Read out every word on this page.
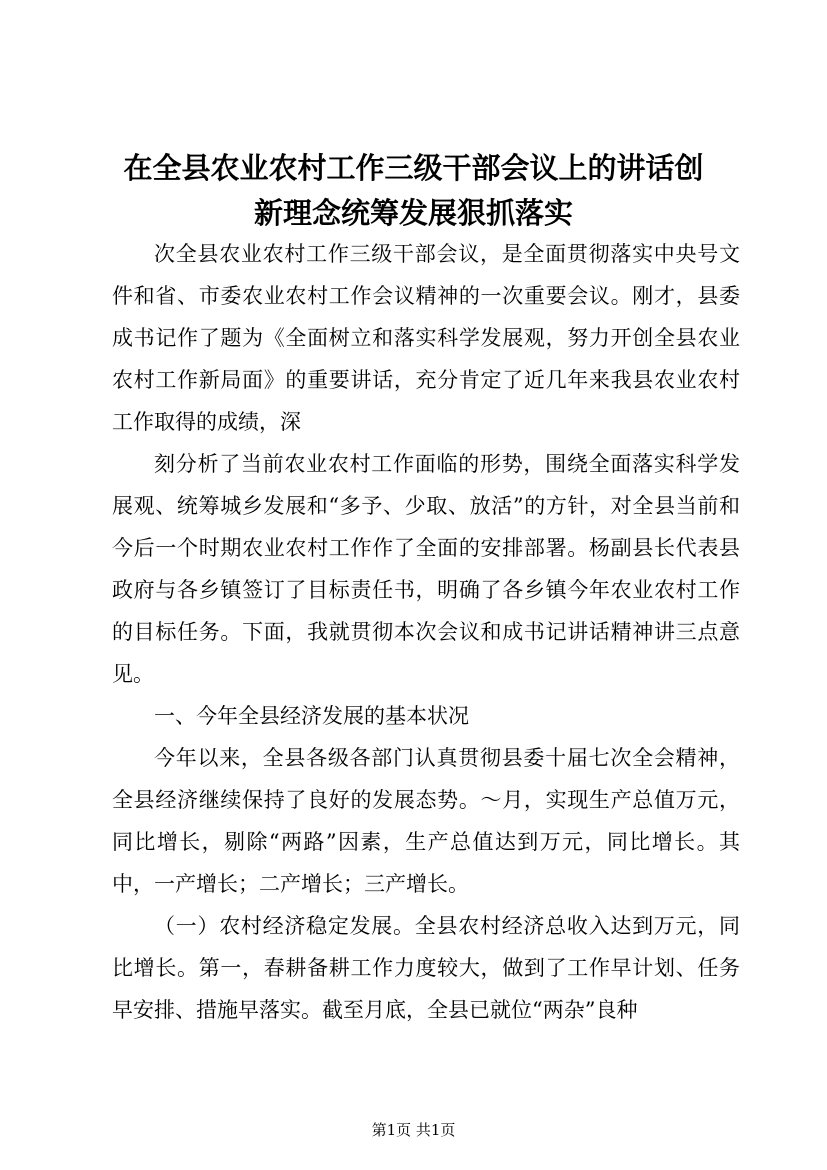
在全县农业农村工作三级干部会议上的讲话创
新理念统筹发展狠抓落实

次全县农业农村工作三级干部会议，是全面贯彻落实中央号文件和省、市委农业农村工作会议精神的一次重要会议。刚才，县委成书记作了题为《全面树立和落实科学发展观，努力开创全县农业农村工作新局面》的重要讲话，充分肯定了近几年来我县农业农村工作取得的成绩，深

刻分析了当前农业农村工作面临的形势，围绕全面落实科学发展观、统筹城乡发展和“多予、少取、放活”的方针，对全县当前和今后一个时期农业农村工作作了全面的安排部署。杨副县长代表县政府与各乡镇签订了目标责任书，明确了各乡镇今年农业农村工作的目标任务。下面，我就贯彻本次会议和成书记讲话精神讲三点意见。

一、今年全县经济发展的基本状况

今年以来，全县各级各部门认真贯彻县委十届七次全会精神，全县经济继续保持了良好的发展态势。～月，实现生产总值万元，同比增长，剔除“两路”因素，生产总值达到万元，同比增长。其中，一产增长；二产增长；三产增长。

（一）农村经济稳定发展。全县农村经济总收入达到万元，同比增长。第一，春耕备耕工作力度较大，做到了工作早计划、任务早安排、措施早落实。截至月底，全县已就位“两杂”良种

第1页 共1页
